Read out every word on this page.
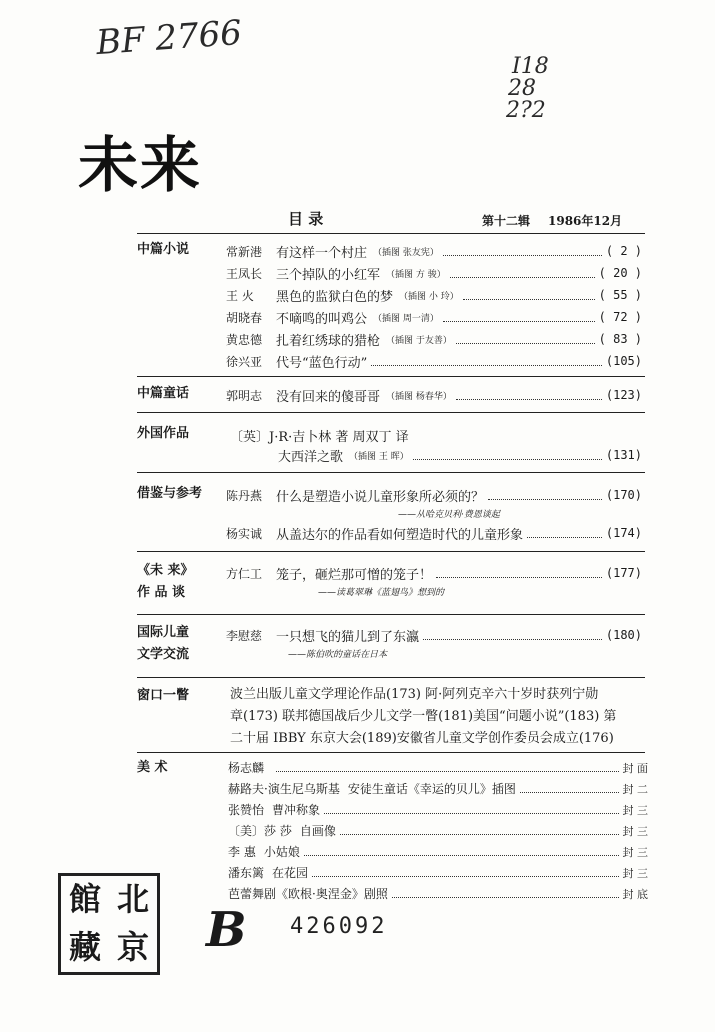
BF 2766
I18
28
2?2
未来
目 录	第十二辑 1986年12月
中篇小说	常新港	有这样一个村庄 （插图 张友宪）	( 2 )
王凤长	三个掉队的小红军 （插图 方 骏）	( 20 )
王 火	黑色的监狱白色的梦 （插图 小 玲）	( 55 )
胡晓春	不嘀鸣的叫鸡公 （插图 周一清）	( 72 )
黄忠德	扎着红绣球的猎枪 （插图 于友善）	( 83 )
徐兴亚	代号“蓝色行动”	(105)
中篇童话	郭明志	没有回来的傻哥哥 （插图 杨春华）	(123)
外国作品	〔英〕J·R·吉卜林 著 周双丁 译
大西洋之歌 （插图 王 晖）	(131)
借鉴与参考 陈丹燕	什么是塑造小说儿童形象所必须的？	(170)
——从哈克贝利·费恩谈起
杨实诚	从盖达尔的作品看如何塑造时代的儿童形象	(174)
《未 来》
作 品 谈
方仁工	笼子，砸烂那可憎的笼子！	(177)
——读葛翠琳《蓝翅鸟》想到的
国际儿童
文学交流
李慰慈	一只想飞的猫儿到了东瀛	(180)
——陈伯吹的童话在日本
窗口一瞥	波兰出版儿童文学理论作品(173) 阿·阿列克辛六十岁时获列宁勋
章(173) 联邦德国战后少儿文学一瞥(181)美国“问题小说”(183) 第
二十届 IBBY 东京大会(189)安徽省儿童文学创作委员会成立(176)
美 术	杨志麟	封 面
赫路夫·演生尼乌斯基 安徒生童话《幸运的贝儿》插图	封 二
张赞怡 曹冲称象	封 三
〔美〕莎 莎 自画像	封 三
李 惠 小姑娘	封 三
潘东篱 在花园	封 三
芭蕾舞剧《欧根·奥涅金》剧照	封 底
館 北
藏 京 B 426092
